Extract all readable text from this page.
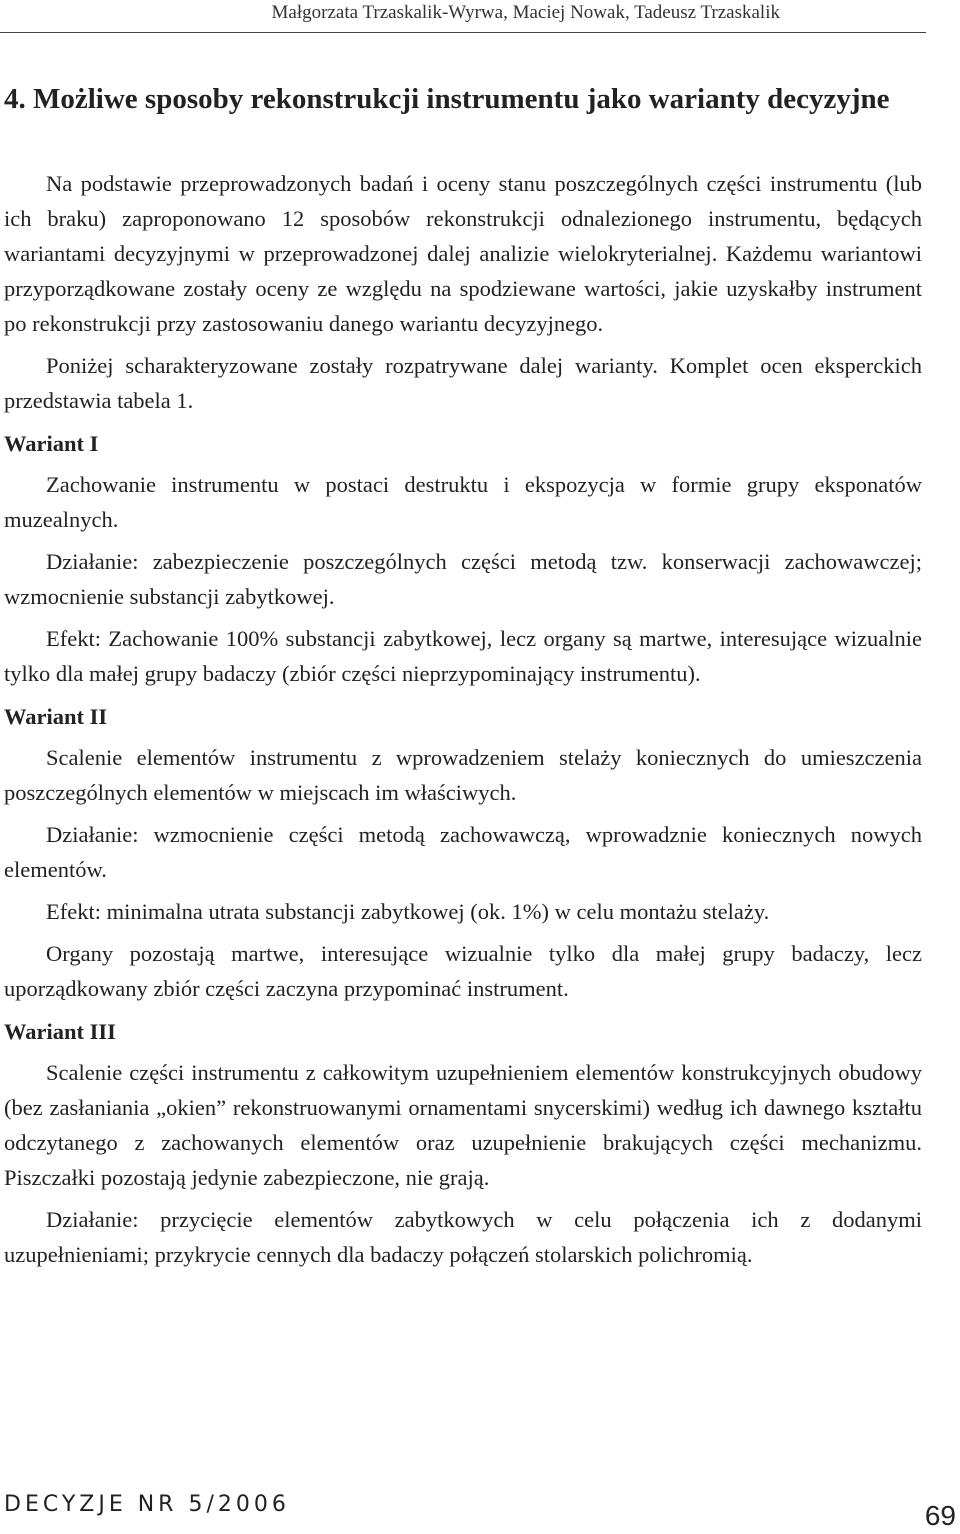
Małgorzata Trzaskalik-Wyrwa, Maciej Nowak, Tadeusz Trzaskalik
4. Możliwe sposoby rekonstrukcji instrumentu jako warianty decyzyjne

Na podstawie przeprowadzonych badań i oceny stanu poszczególnych części instrumentu (lub ich braku) zaproponowano 12 sposobów rekonstrukcji odnalezionego instrumentu, będących wariantami decyzyjnymi w przeprowadzonej dalej analizie wielokryterialnej. Każdemu wariantowi przyporządkowane zostały oceny ze względu na spodziewane wartości, jakie uzyskałby instrument po rekonstrukcji przy zastosowaniu danego wariantu decyzyjnego.

Poniżej scharakteryzowane zostały rozpatrywane dalej warianty. Komplet ocen eksperckich przedstawia tabela 1.

Wariant I

Zachowanie instrumentu w postaci destruktu i ekspozycja w formie grupy eksponatów muzealnych.

Działanie: zabezpieczenie poszczególnych części metodą tzw. konserwacji zachowawczej; wzmocnienie substancji zabytkowej.

Efekt: Zachowanie 100% substancji zabytkowej, lecz organy są martwe, interesujące wizualnie tylko dla małej grupy badaczy (zbiór części nieprzypominający instrumentu).

Wariant II

Scalenie elementów instrumentu z wprowadzeniem stelaży koniecznych do umieszczenia poszczególnych elementów w miejscach im właściwych.

Działanie: wzmocnienie części metodą zachowawczą, wprowadznie koniecznych nowych elementów.

Efekt: minimalna utrata substancji zabytkowej (ok. 1%) w celu montażu stelaży.

Organy pozostają martwe, interesujące wizualnie tylko dla małej grupy badaczy, lecz uporządkowany zbiór części zaczyna przypominać instrument.

Wariant III

Scalenie części instrumentu z całkowitym uzupełnieniem elementów konstrukcyjnych obudowy (bez zasłaniania „okien” rekonstruowanymi ornamentami snycerskimi) według ich dawnego kształtu odczytanego z zachowanych elementów oraz uzupełnienie brakujących części mechanizmu. Piszczałki pozostają jedynie zabezpieczone, nie grają.

Działanie: przycięcie elementów zabytkowych w celu połączenia ich z dodanymi uzupełnieniami; przykrycie cennych dla badaczy połączeń stolarskich polichromią.

DECYZJE NR 5/2006	69
